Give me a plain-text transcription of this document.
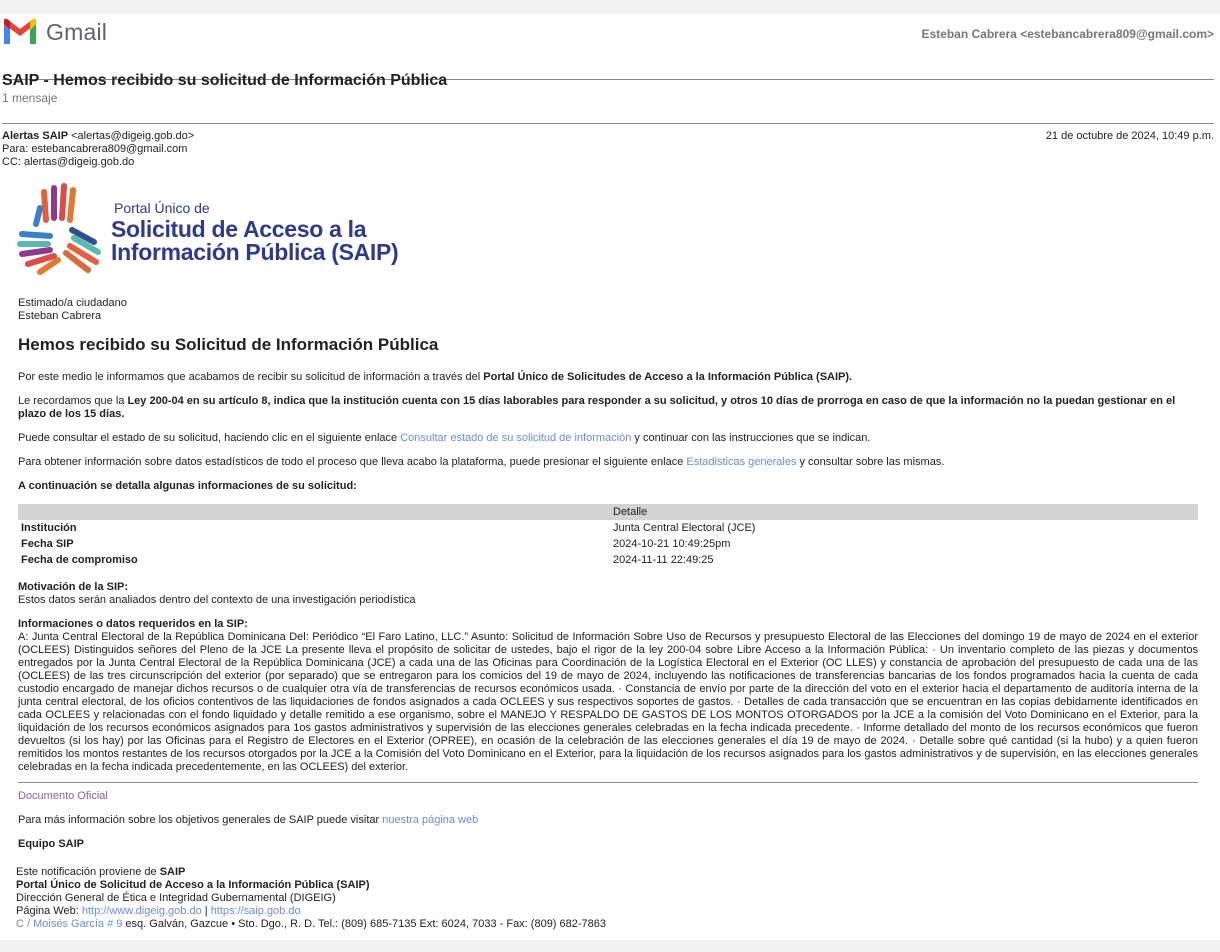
Gmail	Esteban Cabrera <estebancabrera809@gmail.com>
SAIP - Hemos recibido su solicitud de Información Pública
1 mensaje
Alertas SAIP <alertas@digeig.gob.do>
Para: estebancabrera809@gmail.com
CC: alertas@digeig.gob.do
21 de octubre de 2024, 10:49 p.m.
Portal Único de
Solicitud de Acceso a la
Información Pública (SAIP)
Estimado/a ciudadano
Esteban Cabrera
Hemos recibido su Solicitud de Información Pública
Por este medio le informamos que acabamos de recibir su solicitud de información a través del Portal Único de Solicitudes de Acceso a la Información Pública (SAIP).
Le recordamos que la Ley 200-04 en su artículo 8, indica que la institución cuenta con 15 días laborables para responder a su solicitud, y otros 10 días de prorroga en caso de que la información no la puedan gestionar en el plazo de los 15 días.
Puede consultar el estado de su solicitud, haciendo clic en el siguiente enlace Consultar estado de su solicitud de información y continuar con las instrucciones que se indican.
Para obtener información sobre datos estadísticos de todo el proceso que lleva acabo la plataforma, puede presionar el siguiente enlace Estadisticas generales y consultar sobre las mismas.
A continuación se detalla algunas informaciones de su solicitud:
	Detalle
Institución	Junta Central Electoral (JCE)
Fecha SIP	2024-10-21 10:49:25pm
Fecha de compromiso	2024-11-11 22:49:25
Motivación de la SIP:
Estos datos serán analiados dentro del contexto de una investigación periodística
Informaciones o datos requeridos en la SIP:
A: Junta Central Electoral de la República Dominicana Del: Periódico “El Faro Latino, LLC.” Asunto: Solicitud de Información Sobre Uso de Recursos y presupuesto Electoral de las Elecciones del domingo 19 de mayo de 2024 en el exterior (OCLEES) Distinguidos señores del Pleno de la JCE La presente lleva el propósito de solicitar de ustedes, bajo el rigor de la ley 200-04 sobre Libre Acceso a la Información Pública: · Un inventario completo de las piezas y documentos entregados por la Junta Central Electoral de la República Dominicana (JCE) a cada una de las Oficinas para Coordinación de la Logística Electoral en el Exterior (OC LLES) y constancia de aprobación del presupuesto de cada una de las (OCLEES) de las tres circunscripción del exterior (por separado) que se entregaron para los comicios del 19 de mayo de 2024, incluyendo las notificaciones de transferencias bancarias de los fondos programados hacia la cuenta de cada custodio encargado de manejar dichos recursos o de cualquier otra vía de transferencias de recursos económicos usada. · Constancia de envío por parte de la dirección del voto en el exterior hacia el departamento de auditoría interna de la junta central electoral, de los oficios contentivos de las liquidaciones de fondos asignados a cada OCLEES y sus respectivos soportes de gastos. · Detalles de cada transacción que se encuentran en las copias debidamente identificados en cada OCLEES y relacionadas con el fondo liquidado y detalle remitido a ese organismo, sobre el MANEJO Y RESPALDO DE GASTOS DE LOS MONTOS OTORGADOS por la JCE a la comisión del Voto Dominicano en el Exterior, para la liquidación de los recursos económicos asignados para 1os gastos administrativos y supervisión de las elecciones generales celebradas en la fecha indicada precedente. · Informe detallado del monto de los recursos económicos que fueron devueltos (si los hay) por las Oficinas para el Registro de Electores en el Exterior (OPREE), en ocasión de la celebración de las elecciones generales el día 19 de mayo de 2024. · Detalle sobre qué cantidad (si la hubo) y a quien fueron remitidos los montos restantes de los recursos otorgados por la JCE a la Comisión del Voto Dominicano en el Exterior, para la liquidación de los recursos asignados para los gastos administrativos y de supervisión, en las elecciones generales celebradas en la fecha indicada precedentemente, en las OCLEES) del exterior.
Documento Oficial
Para más información sobre los objetivos generales de SAIP puede visitar nuestra página web
Equipo SAIP
Este notificación proviene de SAIP
Portal Único de Solicitud de Acceso a la Información Pública (SAIP)
Dirección General de Ética e Integridad Gubernamental (DIGEIG)
Página Web: http://www.digeig.gob.do | https://saip.gob.do
C / Moisés García # 9 esq. Galván, Gazcue • Sto. Dgo., R. D. Tel.: (809) 685-7135 Ext: 6024, 7033 - Fax: (809) 682-7863
